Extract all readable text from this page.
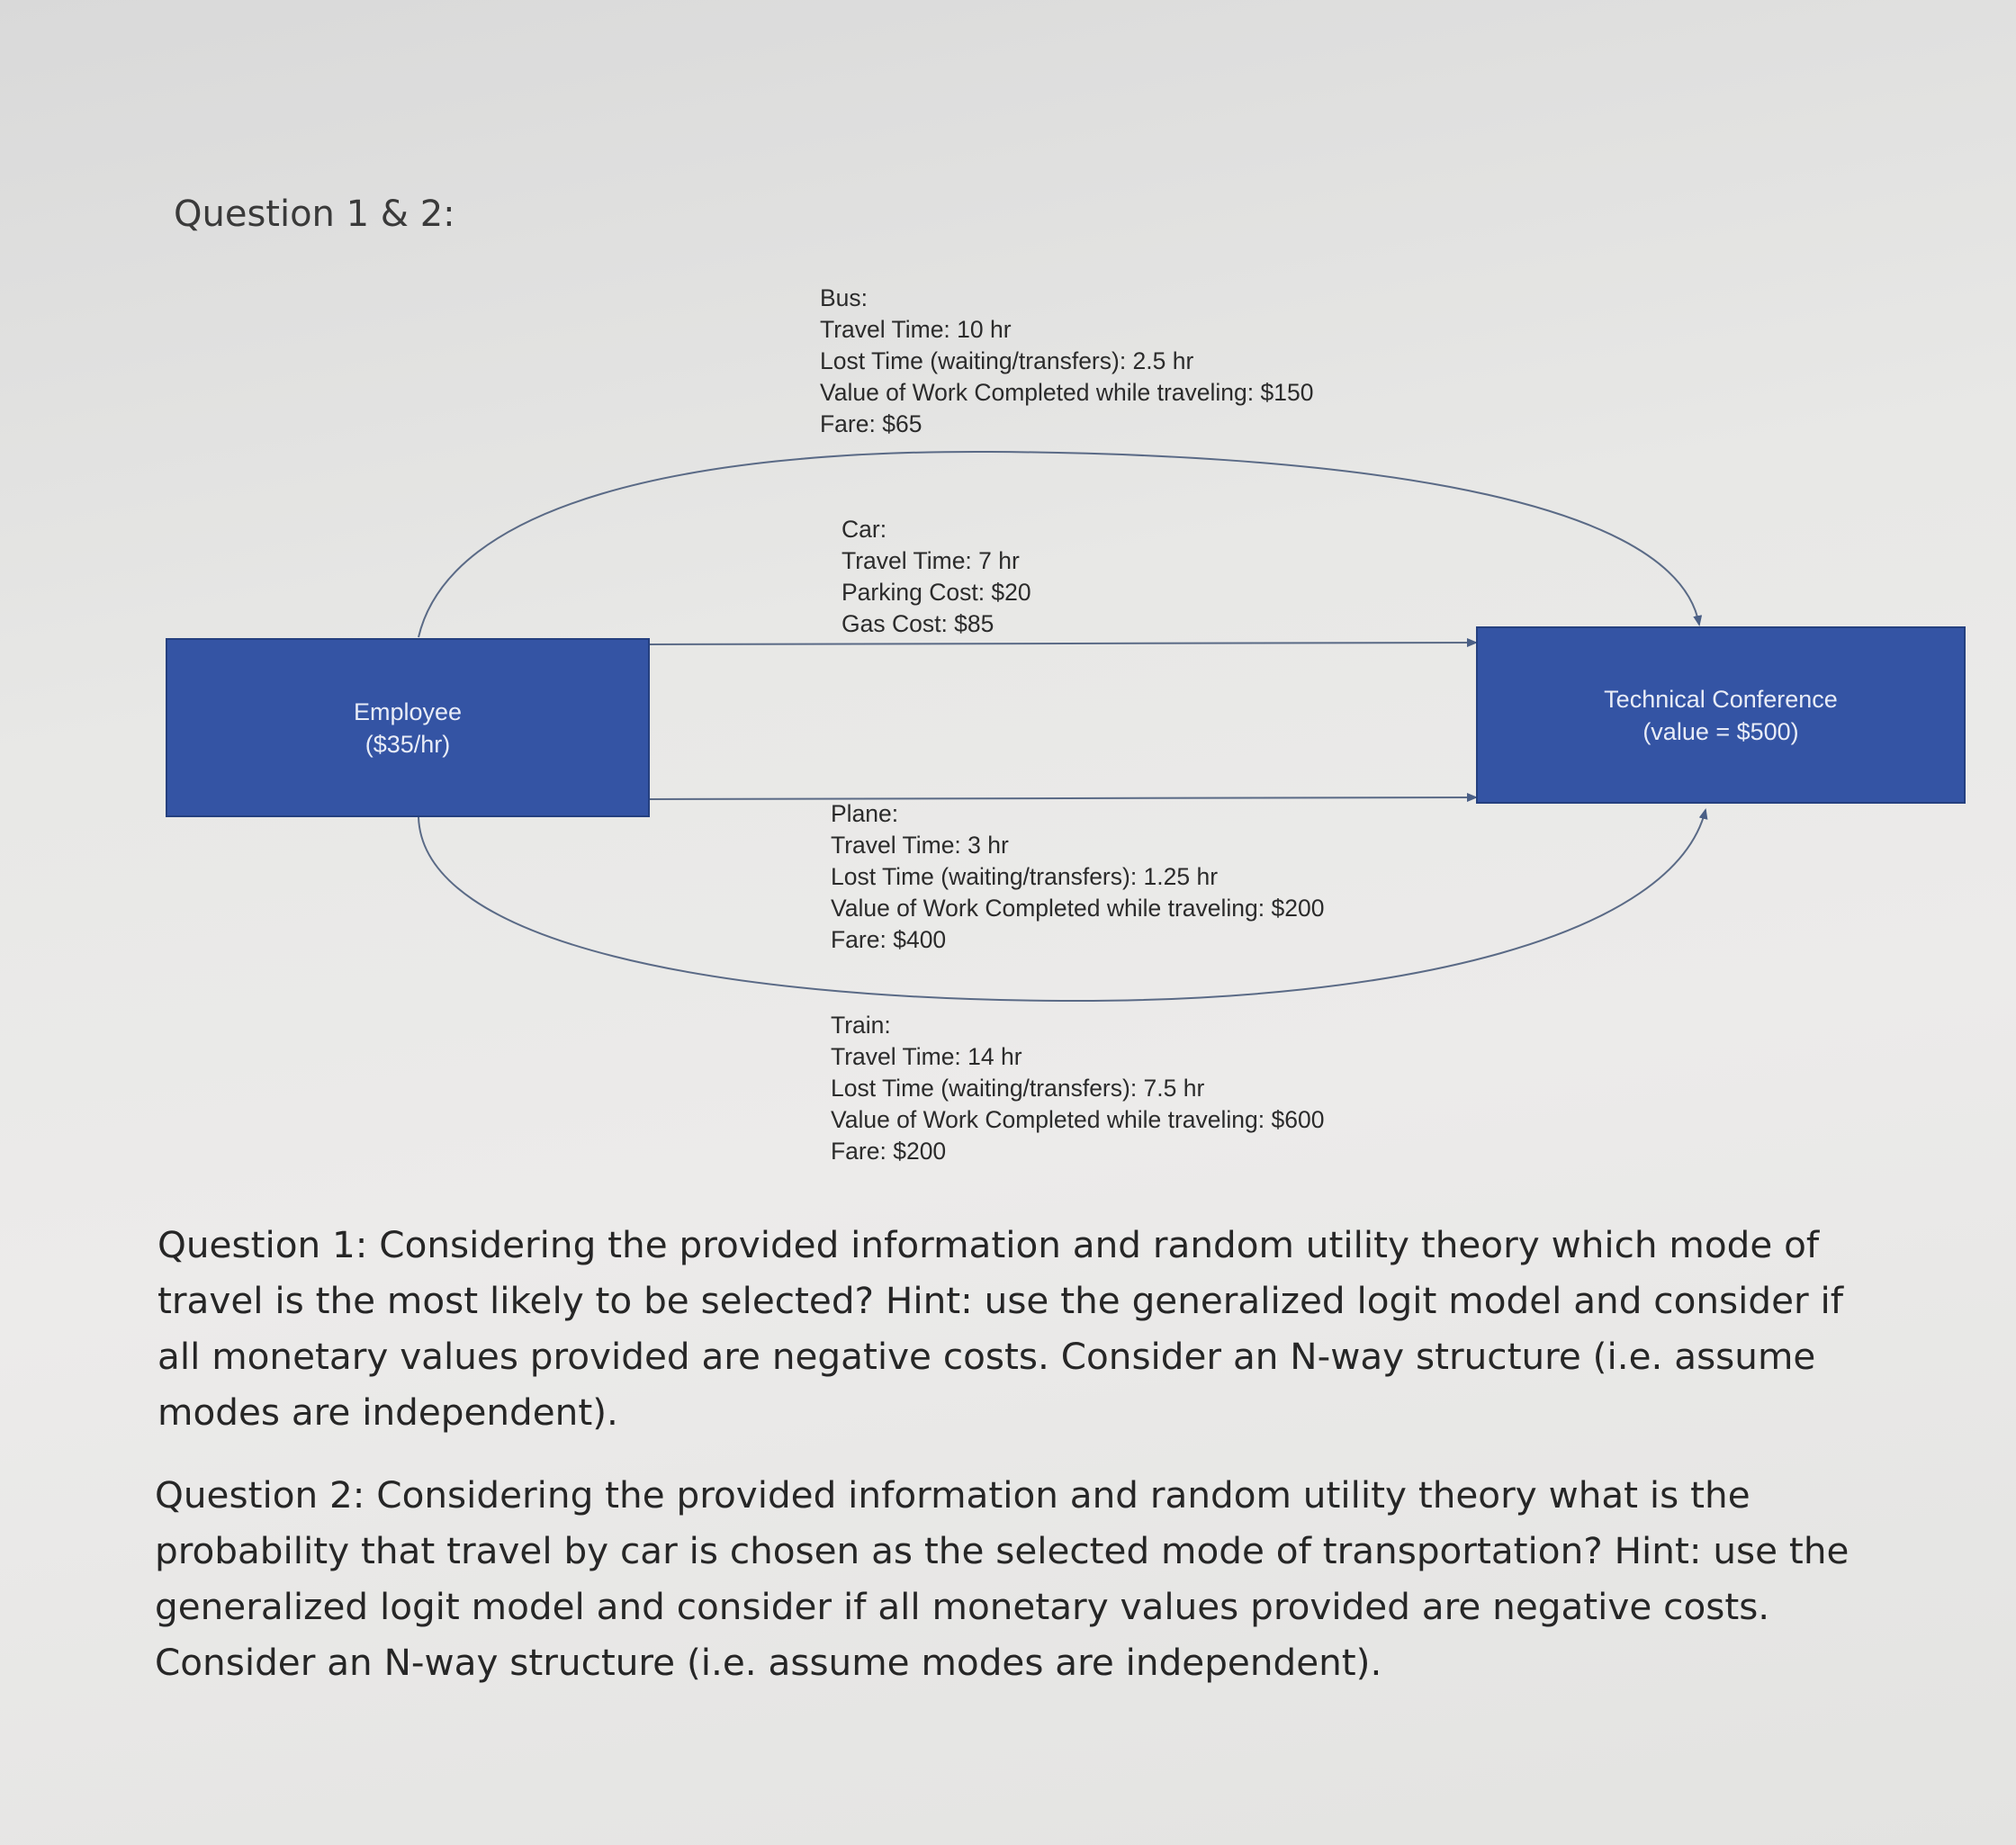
Question 1 & 2:
Employee
($35/hr)
Technical Conference
(value = $500)
Bus:
Travel Time: 10 hr
Lost Time (waiting/transfers): 2.5 hr
Value of Work Completed while traveling: $150
Fare: $65
Car:
Travel Time: 7 hr
Parking Cost: $20
Gas Cost: $85
Plane:
Travel Time: 3 hr
Lost Time (waiting/transfers): 1.25 hr
Value of Work Completed while traveling: $200
Fare: $400
Train:
Travel Time: 14 hr
Lost Time (waiting/transfers): 7.5 hr
Value of Work Completed while traveling: $600
Fare: $200

Question 1: Considering the provided information and random utility theory which mode of travel is the most likely to be selected? Hint: use the generalized logit model and consider if all monetary values provided are negative costs. Consider an N-way structure (i.e. assume modes are independent).

Question 2: Considering the provided information and random utility theory what is the probability that travel by car is chosen as the selected mode of transportation? Hint: use the generalized logit model and consider if all monetary values provided are negative costs. Consider an N-way structure (i.e. assume modes are independent).
